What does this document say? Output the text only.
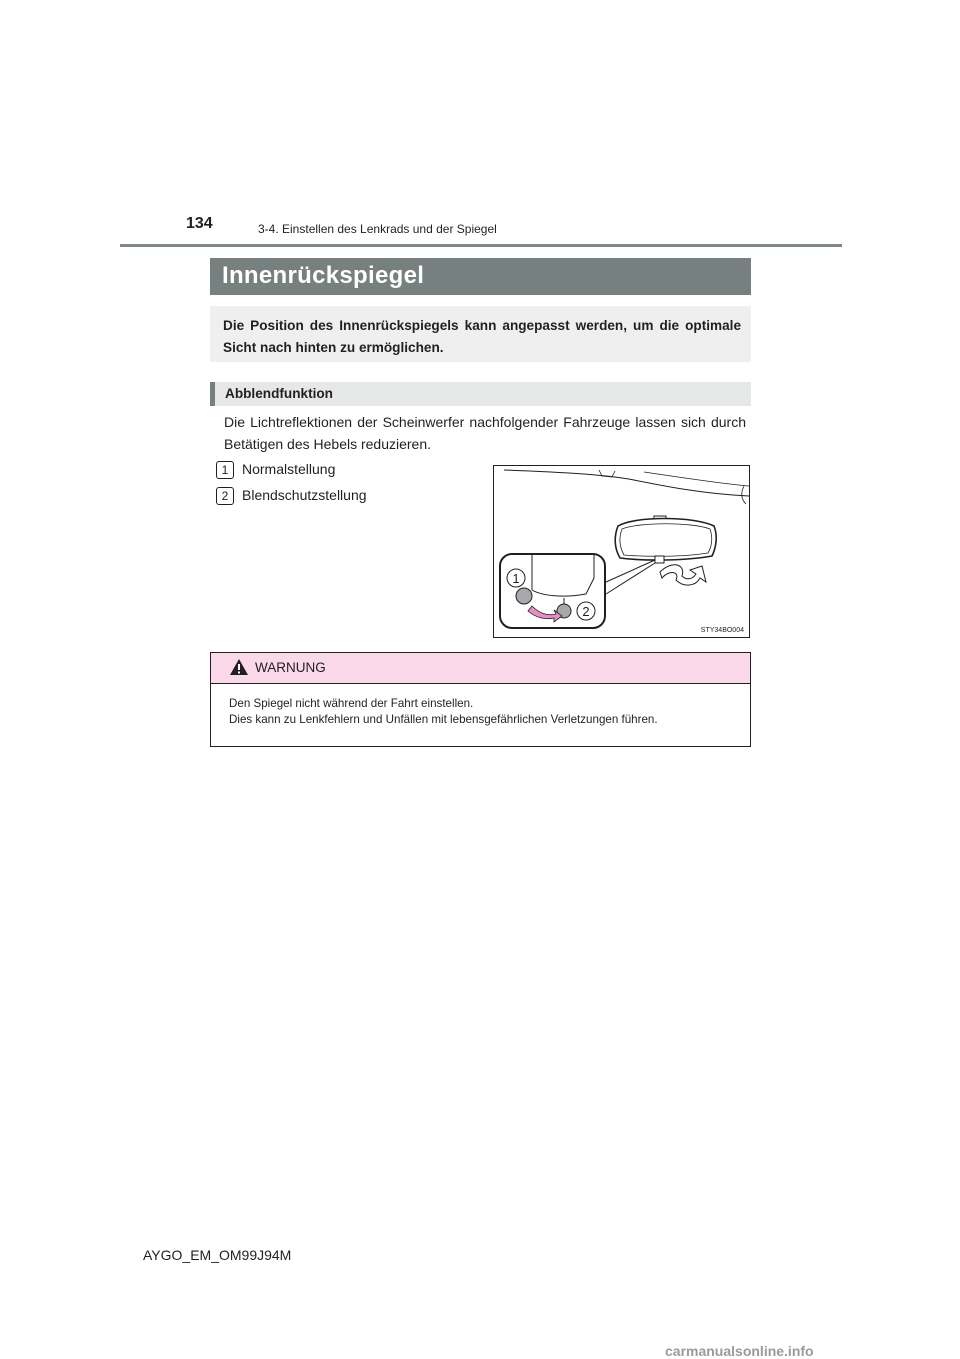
134	3-4. Einstellen des Lenkrads und der Spiegel
Innenrückspiegel
Die Position des Innenrückspiegels kann angepasst werden, um die optimale Sicht nach hinten zu ermöglichen.
Abblendfunktion
Die Lichtreflektionen der Scheinwerfer nachfolgender Fahrzeuge lassen sich durch Betätigen des Hebels reduzieren.
1 Normalstellung
2 Blendschutzstellung
1
2
STY34BO004
WARNUNG
Den Spiegel nicht während der Fahrt einstellen.
Dies kann zu Lenkfehlern und Unfällen mit lebensgefährlichen Verletzungen führen.
AYGO_EM_OM99J94M
carmanualsonline.info
